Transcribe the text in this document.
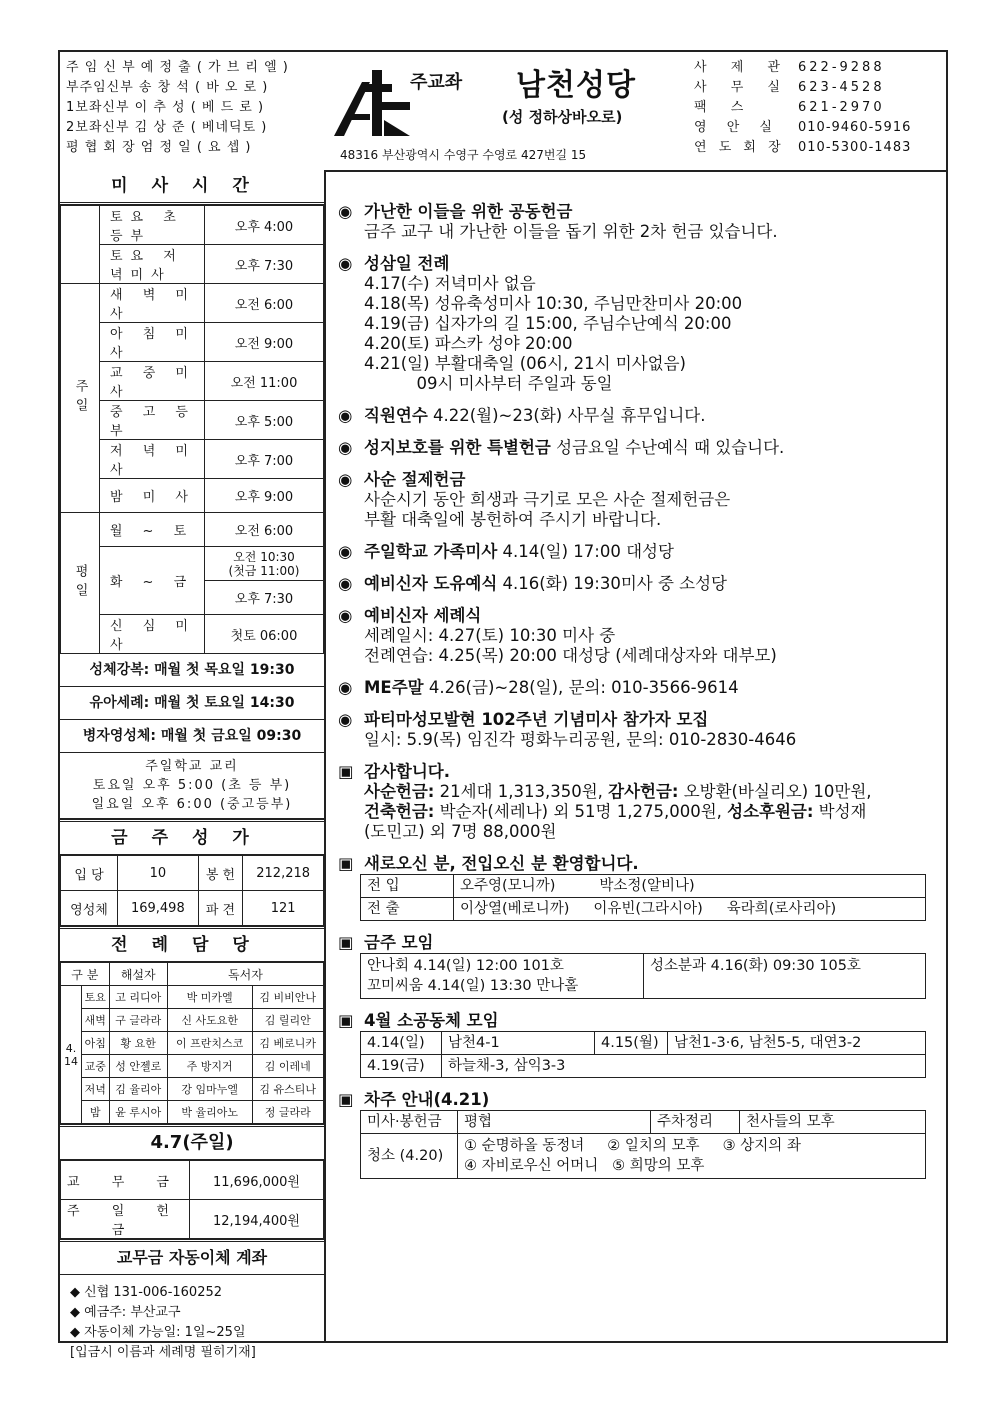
주 임 신 부 예 정 출 ( 가 브 리 엘 )
부주임신부 송 창 석 ( 바 오 로 )
1보좌신부 이 추 성 ( 베 드 로 )
2보좌신부 김 상 준 ( 베네딕토 )
평 협 회 장 엄 정 일 ( 요 셉 )
주교좌 남천성당
(성 정하상바오로)
48316 부산광역시 수영구 수영로 427번길 15
사 제 관 622-9288
사 무 실 623-4528
팩 스	621-2970
영 안 실	010-9460-5916
연 도 회 장	010-5300-1483
미사시간
	토요 초등부	오후 4:00
	토요 저녁미사	오후 7:30
주일	새 벽 미 사	오전 6:00
	아 침 미 사	오전 9:00
	교 중 미 사	오전 11:00
	중 고 등 부	오후 5:00
	저 녁 미 사	오후 7:00
	밤 미 사	오후 9:00
평일	월 ~ 토	오전 6:00
	화 ~ 금	오전 10:30
(첫금 11:00)
		오후 7:30
	신 심 미 사	첫토 06:00
성체강복: 매월 첫 목요일 19:30
유아세례: 매월 첫 토요일 14:30
병자영성체: 매월 첫 금요일 09:30
주일학교 교리
토요일 오후 5:00 (초 등 부)
일요일 오후 6:00 (중고등부)
금주성가
입 당	10	봉 헌	212,218
영성체	169,498	파 견	121
전례담당
구 분		해설자	독서자	
4.
14	토요	고 리디아	박 미카엘	김 비비안나
	새벽	구 글라라	신 사도요한	김 릴리안
	아침	황 요한	이 프란치스코	김 베로니카
	교중	성 안젤로	주 방지거	김 이레네
	저녁	김 율리아	강 임마누엘	김 유스티나
	밤	윤 루시아	박 율리아노	정 글라라
4.7(주일)
교 무 금	11,696,000원
주 일 헌 금	12,194,400원
교무금 자동이체 계좌
◆ 신협 131-006-160252
◆ 예금주: 부산교구
◆ 자동이체 가능일: 1일~25일
[입금시 이름과 세례명 필히기재]
◉ 가난한 이들을 위한 공동헌금
금주 교구 내 가난한 이들을 돕기 위한 2차 헌금 있습니다.
◉ 성삼일 전례
4.17(수) 저녁미사 없음
4.18(목) 성유축성미사 10:30, 주님만찬미사 20:00
4.19(금) 십자가의 길 15:00, 주님수난예식 20:00
4.20(토) 파스카 성야 20:00
4.21(일) 부활대축일 (06시, 21시 미사없음)
09시 미사부터 주일과 동일
◉ 직원연수 4.22(월)~23(화) 사무실 휴무입니다.
◉ 성지보호를 위한 특별헌금 성금요일 수난예식 때 있습니다.
◉ 사순 절제헌금
사순시기 동안 희생과 극기로 모은 사순 절제헌금은
부활 대축일에 봉헌하여 주시기 바랍니다.
◉ 주일학교 가족미사 4.14(일) 17:00 대성당
◉ 예비신자 도유예식 4.16(화) 19:30미사 중 소성당
◉ 예비신자 세례식
세례일시: 4.27(토) 10:30 미사 중
전례연습: 4.25(목) 20:00 대성당 (세례대상자와 대부모)
◉ ME주말 4.26(금)~28(일), 문의: 010-3566-9614
◉ 파티마성모발현 102주년 기념미사 참가자 모집
일시: 5.9(목) 임진각 평화누리공원, 문의: 010-2830-4646
▣ 감사합니다.
사순헌금: 21세대 1,313,350원, 감사헌금: 오방환(바실리오) 10만원,
건축헌금: 박순자(세레나) 외 51명 1,275,000원, 성소후원금: 박성재
(도민고) 외 7명 88,000원
▣ 새로오신 분, 전입오신 분 환영합니다.
전 입	오주영(모니까) 박소정(알비나)
전 출	이상열(베로니까) 이유빈(그라시아) 육라희(로사리아)
▣ 금주 모임
안나회 4.14(일) 12:00 101호
꼬미씨움 4.14(일) 13:30 만나홀
	성소분과 4.16(화) 09:30 105호
▣ 4월 소공동체 모임
4.14(일)	남천4-1	4.15(월)	남천1-3·6, 남천5-5, 대연3-2
4.19(금)	하늘채-3, 삼익3-3		
▣ 차주 안내(4.21)
미사·봉헌금	평협	주차정리	천사들의 모후
청소 (4.20)	① 순명하올 동정녀     ② 일치의 모후     ③ 상지의 좌
④ 자비로우신 어머니   ⑤ 희망의 모후		
